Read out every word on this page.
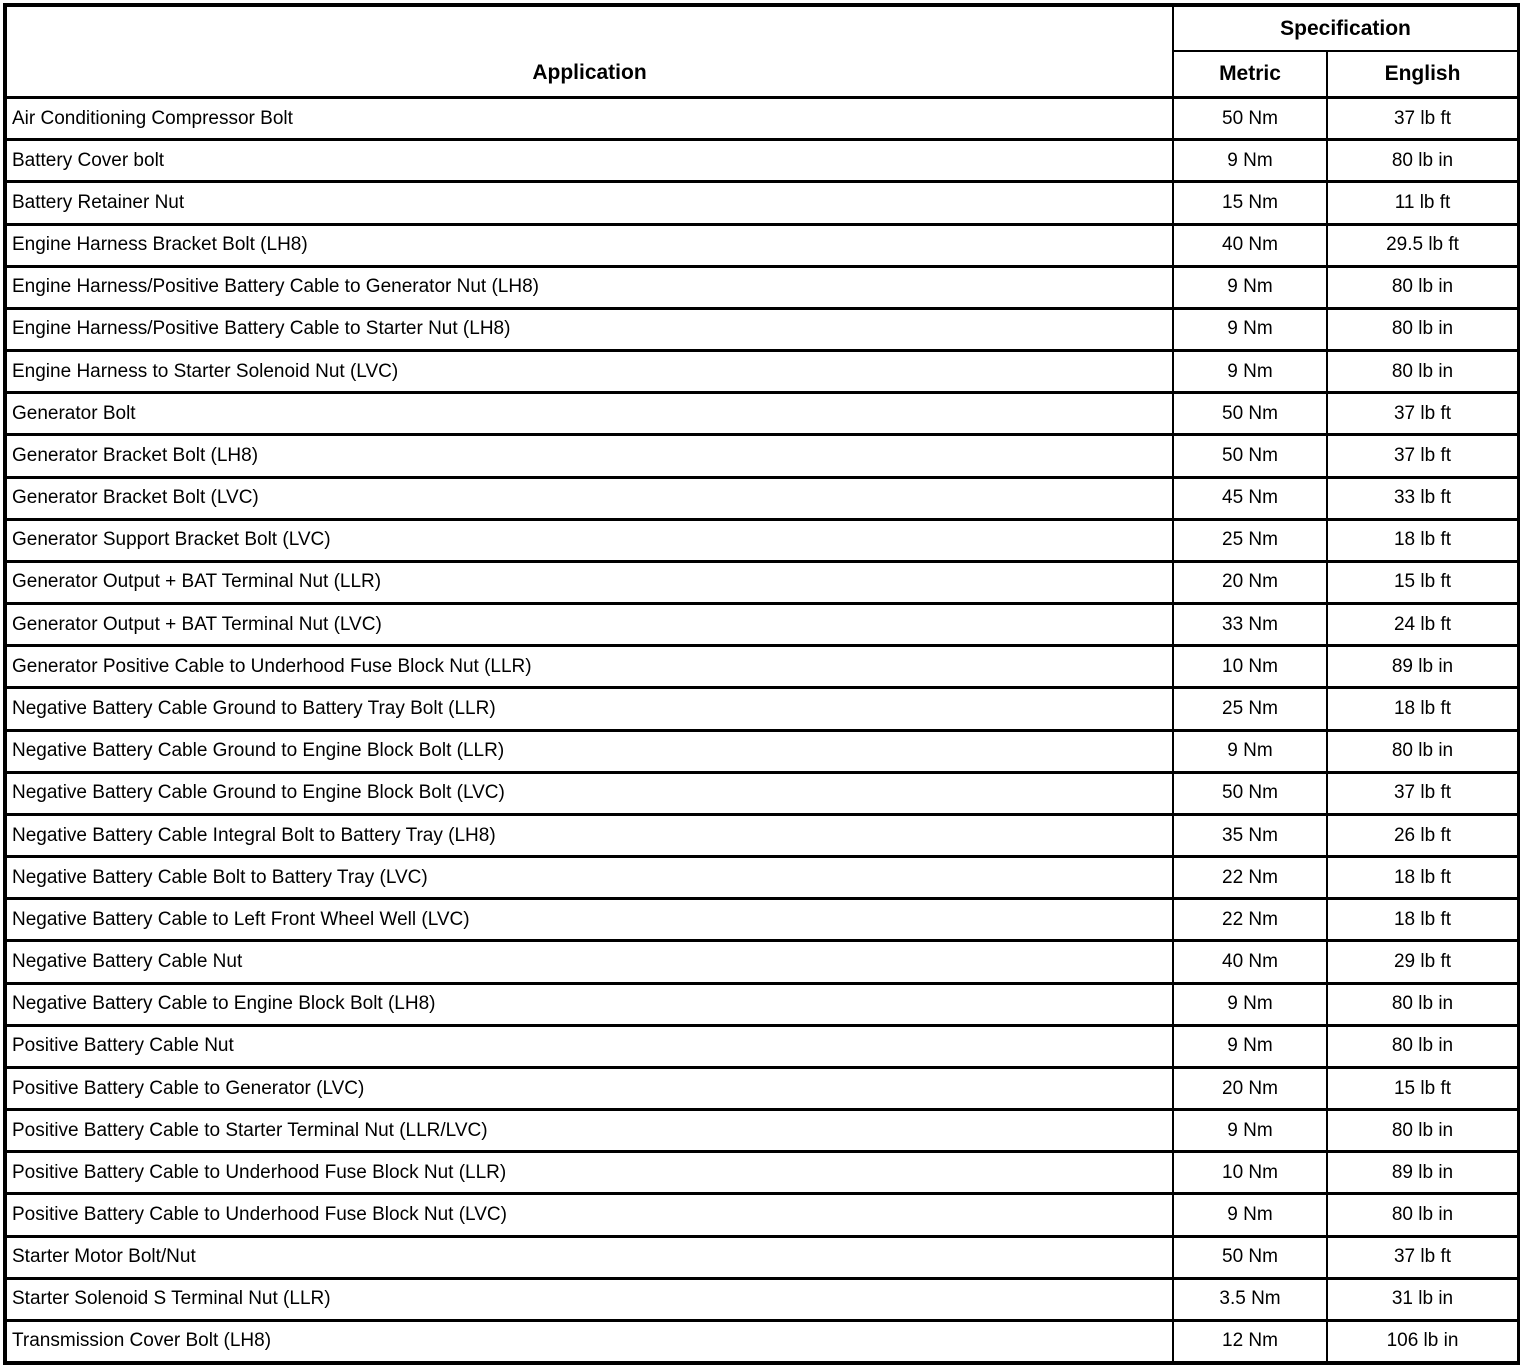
Application	Specification	
	Metric	English
Air Conditioning Compressor Bolt	50 Nm	37 lb ft
Battery Cover bolt	9 Nm	80 lb in
Battery Retainer Nut	15 Nm	11 lb ft
Engine Harness Bracket Bolt (LH8)	40 Nm	29.5 lb ft
Engine Harness/Positive Battery Cable to Generator Nut (LH8)	9 Nm	80 lb in
Engine Harness/Positive Battery Cable to Starter Nut (LH8)	9 Nm	80 lb in
Engine Harness to Starter Solenoid Nut (LVC)	9 Nm	80 lb in
Generator Bolt	50 Nm	37 lb ft
Generator Bracket Bolt (LH8)	50 Nm	37 lb ft
Generator Bracket Bolt (LVC)	45 Nm	33 lb ft
Generator Support Bracket Bolt (LVC)	25 Nm	18 lb ft
Generator Output + BAT Terminal Nut (LLR)	20 Nm	15 lb ft
Generator Output + BAT Terminal Nut (LVC)	33 Nm	24 lb ft
Generator Positive Cable to Underhood Fuse Block Nut (LLR)	10 Nm	89 lb in
Negative Battery Cable Ground to Battery Tray Bolt (LLR)	25 Nm	18 lb ft
Negative Battery Cable Ground to Engine Block Bolt (LLR)	9 Nm	80 lb in
Negative Battery Cable Ground to Engine Block Bolt (LVC)	50 Nm	37 lb ft
Negative Battery Cable Integral Bolt to Battery Tray (LH8)	35 Nm	26 lb ft
Negative Battery Cable Bolt to Battery Tray (LVC)	22 Nm	18 lb ft
Negative Battery Cable to Left Front Wheel Well (LVC)	22 Nm	18 lb ft
Negative Battery Cable Nut	40 Nm	29 lb ft
Negative Battery Cable to Engine Block Bolt (LH8)	9 Nm	80 lb in
Positive Battery Cable Nut	9 Nm	80 lb in
Positive Battery Cable to Generator (LVC)	20 Nm	15 lb ft
Positive Battery Cable to Starter Terminal Nut (LLR/LVC)	9 Nm	80 lb in
Positive Battery Cable to Underhood Fuse Block Nut (LLR)	10 Nm	89 lb in
Positive Battery Cable to Underhood Fuse Block Nut (LVC)	9 Nm	80 lb in
Starter Motor Bolt/Nut	50 Nm	37 lb ft
Starter Solenoid S Terminal Nut (LLR)	3.5 Nm	31 lb in
Transmission Cover Bolt (LH8)	12 Nm	106 lb in
